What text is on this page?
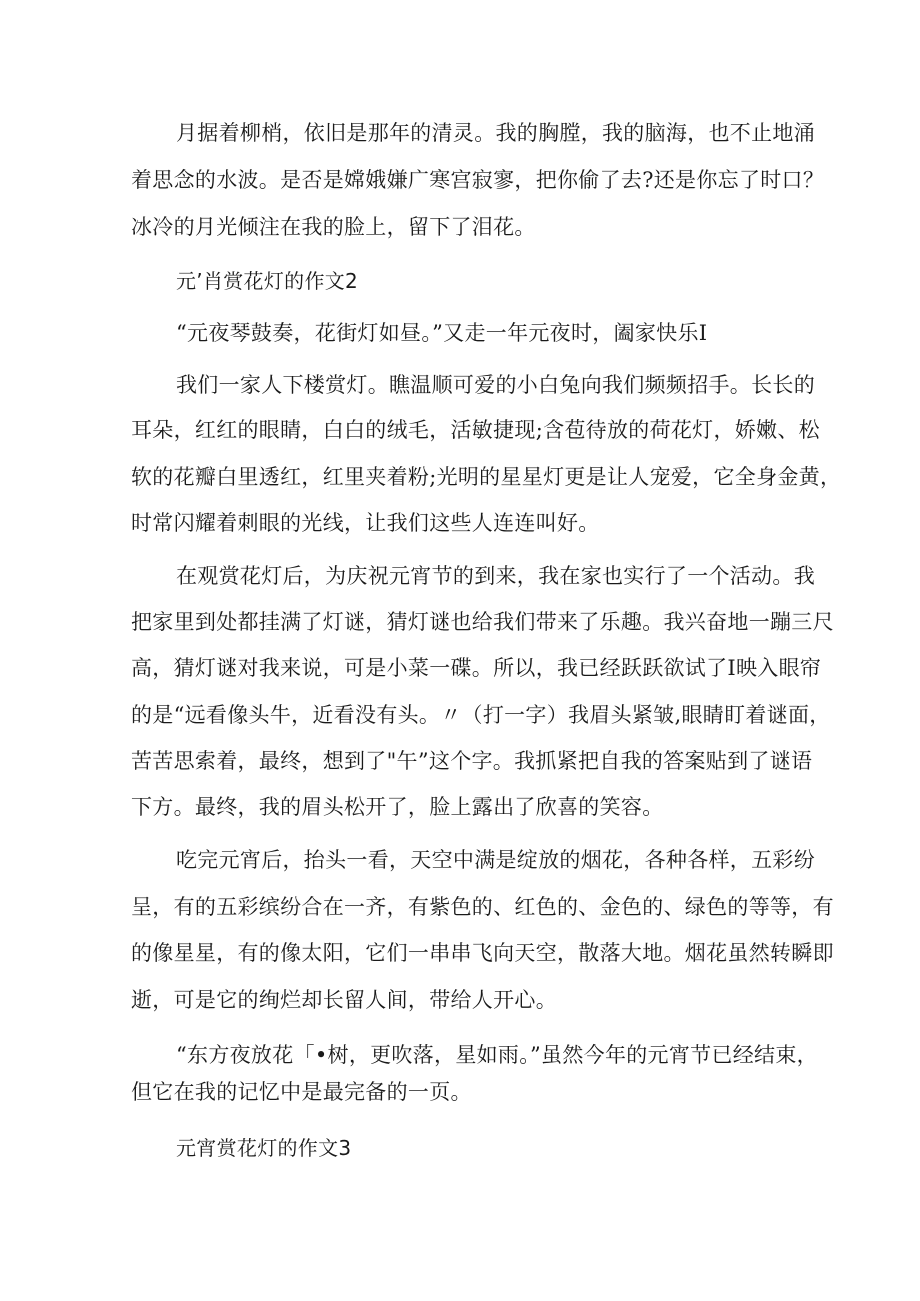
月据着柳梢，依旧是那年的清灵。我的胸膛，我的脑海，也不止地涌
着思念的水波。是否是嫦娥嫌广寒宫寂寥，把你偷了去?还是你忘了时口？
冰冷的月光倾注在我的脸上，留下了泪花。
元’肖赏花灯的作文2
“元夜琴鼓奏，花街灯如昼。”又走一年元夜时，阖家快乐I
我们一家人下楼赏灯。瞧温顺可爱的小白兔向我们频频招手。长长的
耳朵，红红的眼睛，白白的绒毛，活敏捷现;含苞待放的荷花灯，娇嫩、松
软的花瓣白里透红，红里夹着粉;光明的星星灯更是让人宠爱，它全身金黄，
时常闪耀着刺眼的光线，让我们这些人连连叫好。
在观赏花灯后，为庆祝元宵节的到来，我在家也实行了一个活动。我
把家里到处都挂满了灯谜，猜灯谜也给我们带来了乐趣。我兴奋地一蹦三尺
高，猜灯谜对我来说，可是小菜一碟。所以，我已经跃跃欲试了I映入眼帘
的是“远看像头牛，近看没有头。〃（打一字）我眉头紧皱,眼睛盯着谜面，
苦苦思索着，最终，想到了"午”这个字。我抓紧把自我的答案贴到了谜语
下方。最终，我的眉头松开了，脸上露出了欣喜的笑容。
吃完元宵后，抬头一看，天空中满是绽放的烟花，各种各样，五彩纷
呈，有的五彩缤纷合在一齐，有紫色的、红色的、金色的、绿色的等等，有
的像星星，有的像太阳，它们一串串飞向天空，散落大地。烟花虽然转瞬即
逝，可是它的绚烂却长留人间，带给人开心。
“东方夜放花「•树，更吹落，星如雨。”虽然今年的元宵节已经结束，
但它在我的记忆中是最完备的一页。
元宵赏花灯的作文3
